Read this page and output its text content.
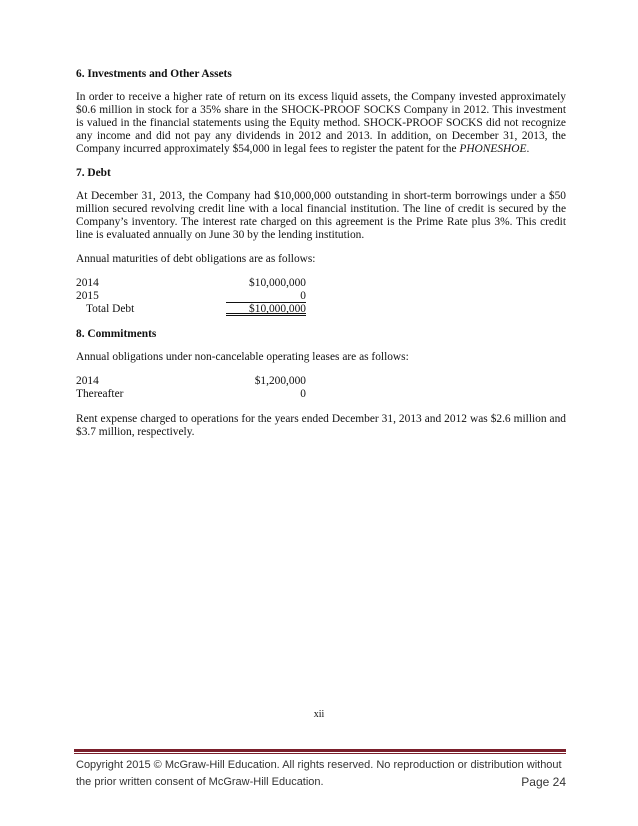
6. Investments and Other Assets

In order to receive a higher rate of return on its excess liquid assets, the Company invested approximately $0.6 million in stock for a 35% share in the SHOCK-PROOF SOCKS Company in 2012. This investment is valued in the financial statements using the Equity method. SHOCK-PROOF SOCKS did not recognize any income and did not pay any dividends in 2012 and 2013. In addition, on December 31, 2013, the Company incurred approximately $54,000 in legal fees to register the patent for the PHONESHOE.

7. Debt

At December 31, 2013, the Company had $10,000,000 outstanding in short-term borrowings under a $50 million secured revolving credit line with a local financial institution. The line of credit is secured by the Company’s inventory. The interest rate charged on this agreement is the Prime Rate plus 3%. This credit line is evaluated annually on June 30 by the lending institution.

Annual maturities of debt obligations are as follows:

2014	$10,000,000
2015	0
Total Debt	$10,000,000
8. Commitments

Annual obligations under non-cancelable operating leases are as follows:

2014	$1,200,000
Thereafter	0

Rent expense charged to operations for the years ended December 31, 2013 and 2012 was $2.6 million and $3.7 million, respectively.

xii
Copyright 2015 © McGraw-Hill Education. All rights reserved. No reproduction or distribution without
the prior written consent of McGraw-Hill Education.	Page 24
